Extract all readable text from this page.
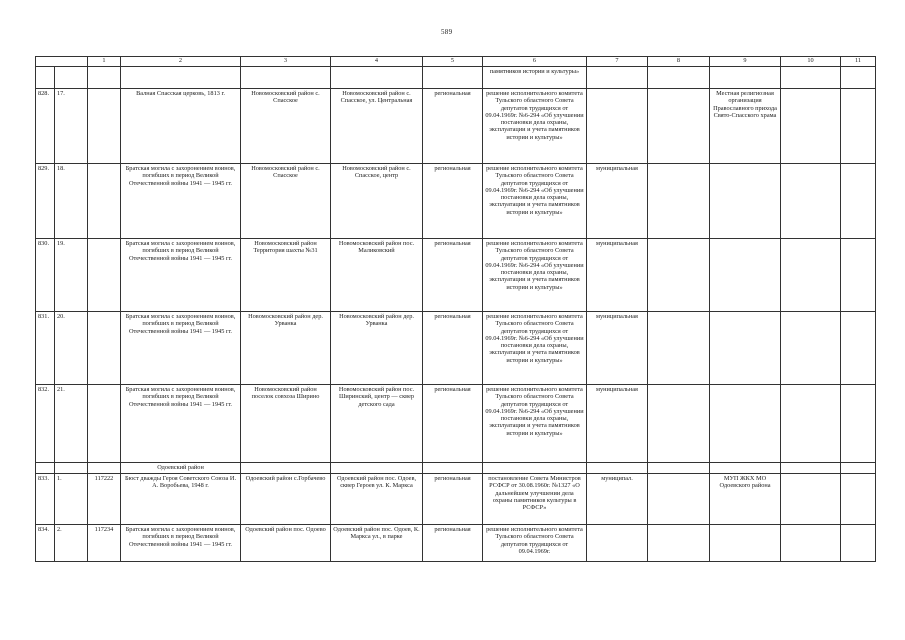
589
		1	2	3	4	5	6	7	8	9	10	11
							памятников истории и культуры»					
828.	17.		Валная Спасская церковь, 1813 г.	Новомосковский район с. Спасское	Новомосковский район с. Спасское, ул. Центральная	региональная	решение исполнительного комитета Тульского областного Совета депутатов трудящихся от 09.04.1969г. №6-294 «Об улучшении постановки дела охраны, эксплуатации и учета памятников истории и культуры»			Местная религиозная организация Православного прихода Свято-Спасского храма		
829.	18.		Братская могила с захоронением воинов, погибших в период Великой Отечественной войны 1941 — 1945 гг.	Новомосковский район с. Спасское	Новомосковский район с. Спасское, центр	региональная	решение исполнительного комитета Тульского областного Совета депутатов трудящихся от 09.04.1969г. №6-294 «Об улучшении постановки дела охраны, эксплуатации и учета памятников истории и культуры»	муниципальная				
830.	19.		Братская могила с захоронением воинов, погибших в период Великой Отечественной войны 1941 — 1945 гг.	Новомосковский район Территория шахты №31	Новомосковский район пос. Маликовский	региональная	решение исполнительного комитета Тульского областного Совета депутатов трудящихся от 09.04.1969г. №6-294 «Об улучшении постановки дела охраны, эксплуатации и учета памятников истории и культуры»	муниципальная				
831.	20.		Братская могила с захоронением воинов, погибших в период Великой Отечественной войны 1941 — 1945 гг.	Новомосковский район дер. Урванка	Новомосковский район дер. Урванка	региональная	решение исполнительного комитета Тульского областного Совета депутатов трудящихся от 09.04.1969г. №6-294 «Об улучшении постановки дела охраны, эксплуатации и учета памятников истории и культуры»	муниципальная				
832.	21.		Братская могила с захоронением воинов, погибших в период Великой Отечественной войны 1941 — 1945 гг.	Новомосковский район поселок совхоза Ширино	Новомосковский район пос. Ширинский, центр — сквер детского сада	региональная	решение исполнительного комитета Тульского областного Совета депутатов трудящихся от 09.04.1969г. №6-294 «Об улучшении постановки дела охраны, эксплуатации и учета памятников истории и культуры»	муниципальная				
			Одоевский район									
833.	1.	117222	Бюст дважды Героя Советского Союза И. А. Воробьева, 1948 г.	Одоевский район с.Горбачево	Одоевский район пос. Одоев, сквер Героев ул. К. Маркса	региональная	постановление Совета Министров РСФСР от 30.08.1960г. №1327 «О дальнейшем улучшении дела охраны памятников культуры в РСФСР»	муниципал.		МУП ЖКХ МО Одоевского района		
834.	2.	117234	Братская могила с захоронением воинов, погибших в период Великой Отечественной войны 1941 — 1945 гг.	Одоевский район пос. Одоево	Одоевский район пос. Одоев, К. Маркса ул., в парке	региональная	решение исполнительного комитета Тульского областного Совета депутатов трудящихся от 09.04.1969г.					
